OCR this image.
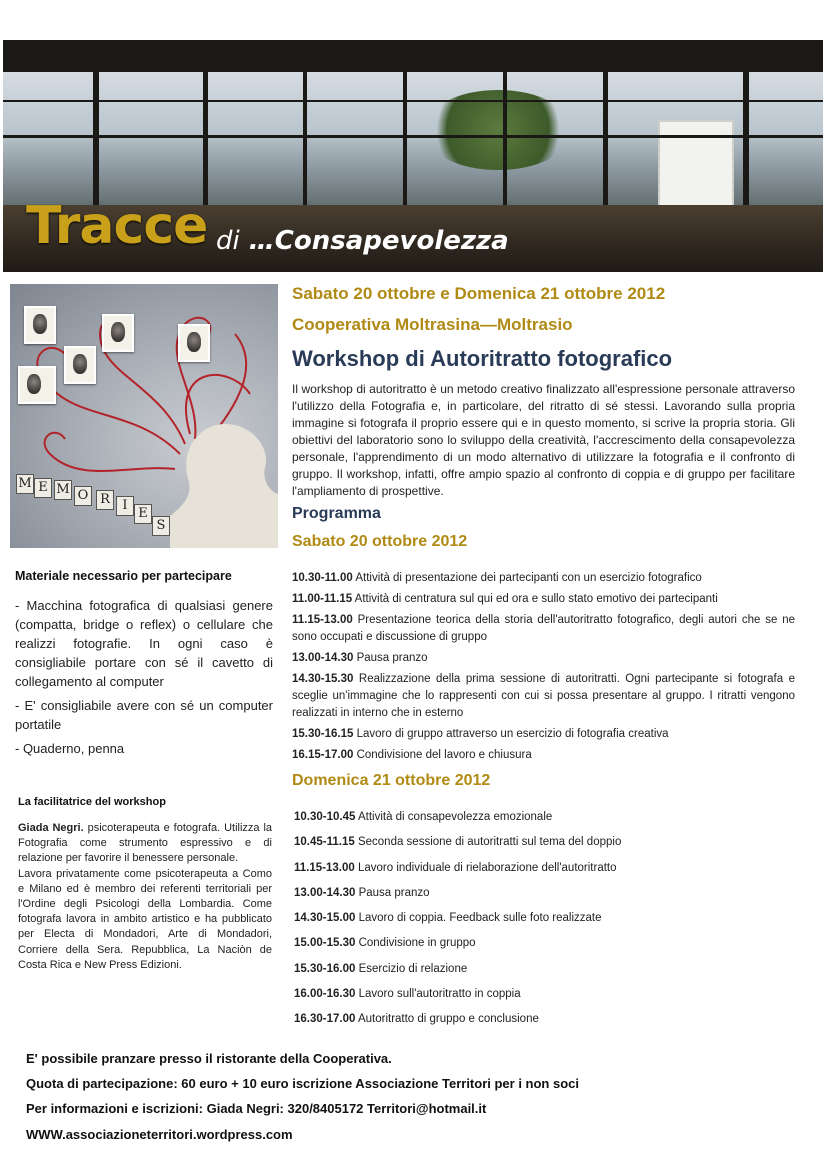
Tracce di …Consapevolezza
M E M O R I
E
S
Sabato 20 ottobre e Domenica 21 ottobre 2012
Cooperativa Moltrasina—Moltrasio
Workshop di Autoritratto fotografico
Il workshop di autoritratto è un metodo creativo finalizzato all'espressione personale attraverso l'utilizzo della Fotografia e, in particolare, del ritratto di sé stessi. Lavorando sulla propria immagine si fotografa il proprio essere qui e in questo momento, si scrive la propria storia. Gli obiettivi del laboratorio sono lo sviluppo della creatività, l'accrescimento della consapevolezza personale, l'apprendimento di un modo alternativo di utilizzare la fotografia e il confronto di gruppo. Il workshop, infatti, offre ampio spazio al confronto di coppia e di gruppo per facilitare l'ampliamento di prospettive.
Programma
Sabato 20 ottobre 2012
10.30-11.00 Attività di presentazione dei partecipanti con un esercizio fotografico
11.00-11.15 Attività di centratura sul qui ed ora e sullo stato emotivo dei partecipanti
11.15-13.00 Presentazione teorica della storia dell'autoritratto fotografico, degli autori che se ne sono occupati e discussione di gruppo
13.00-14.30 Pausa pranzo
14.30-15.30 Realizzazione della prima sessione di autoritratti. Ogni partecipante si fotografa e sceglie un'immagine che lo rappresenti con cui si possa presentare al gruppo. I ritratti vengono realizzati in interno che in esterno
15.30-16.15 Lavoro di gruppo attraverso un esercizio di fotografia creativa
16.15-17.00 Condivisione del lavoro e chiusura
Domenica 21 ottobre 2012
10.30-10.45 Attività di consapevolezza emozionale
10.45-11.15 Seconda sessione di autoritratti sul tema del doppio
11.15-13.00 Lavoro individuale di rielaborazione dell'autoritratto
13.00-14.30 Pausa pranzo
14.30-15.00 Lavoro di coppia. Feedback sulle foto realizzate
15.00-15.30 Condivisione in gruppo
15.30-16.00 Esercizio di relazione
16.00-16.30 Lavoro sull'autoritratto in coppia
16.30-17.00 Autoritratto di gruppo e conclusione
Materiale necessario per partecipare

- Macchina fotografica di qualsiasi genere (compatta, bridge o reflex) o cellulare che realizzi fotografie. In ogni caso è consigliabile portare con sé il cavetto di collegamento al computer

- E' consigliabile avere con sé un computer portatile

- Quaderno, penna

La facilitatrice del workshop

Giada Negri. psicoterapeuta e fotografa. Utilizza la Fotografia come strumento espressivo e di relazione per favorire il benessere personale.

Lavora privatamente come psicoterapeuta a Como e Milano ed è membro dei referenti territoriali per l'Ordine degli Psicologi della Lombardia. Come fotografa lavora in ambito artistico e ha pubblicato per Electa di Mondadori, Arte di Mondadori, Corriere della Sera. Repubblica, La Naciòn de Costa Rica e New Press Edizioni.

E' possibile pranzare presso il ristorante della Cooperativa.
Quota di partecipazione: 60 euro + 10 euro iscrizione Associazione Territori per i non soci
Per informazioni e iscrizioni: Giada Negri: 320/8405172 Territori@hotmail.it
WWW.associazioneterritori.wordpress.com
